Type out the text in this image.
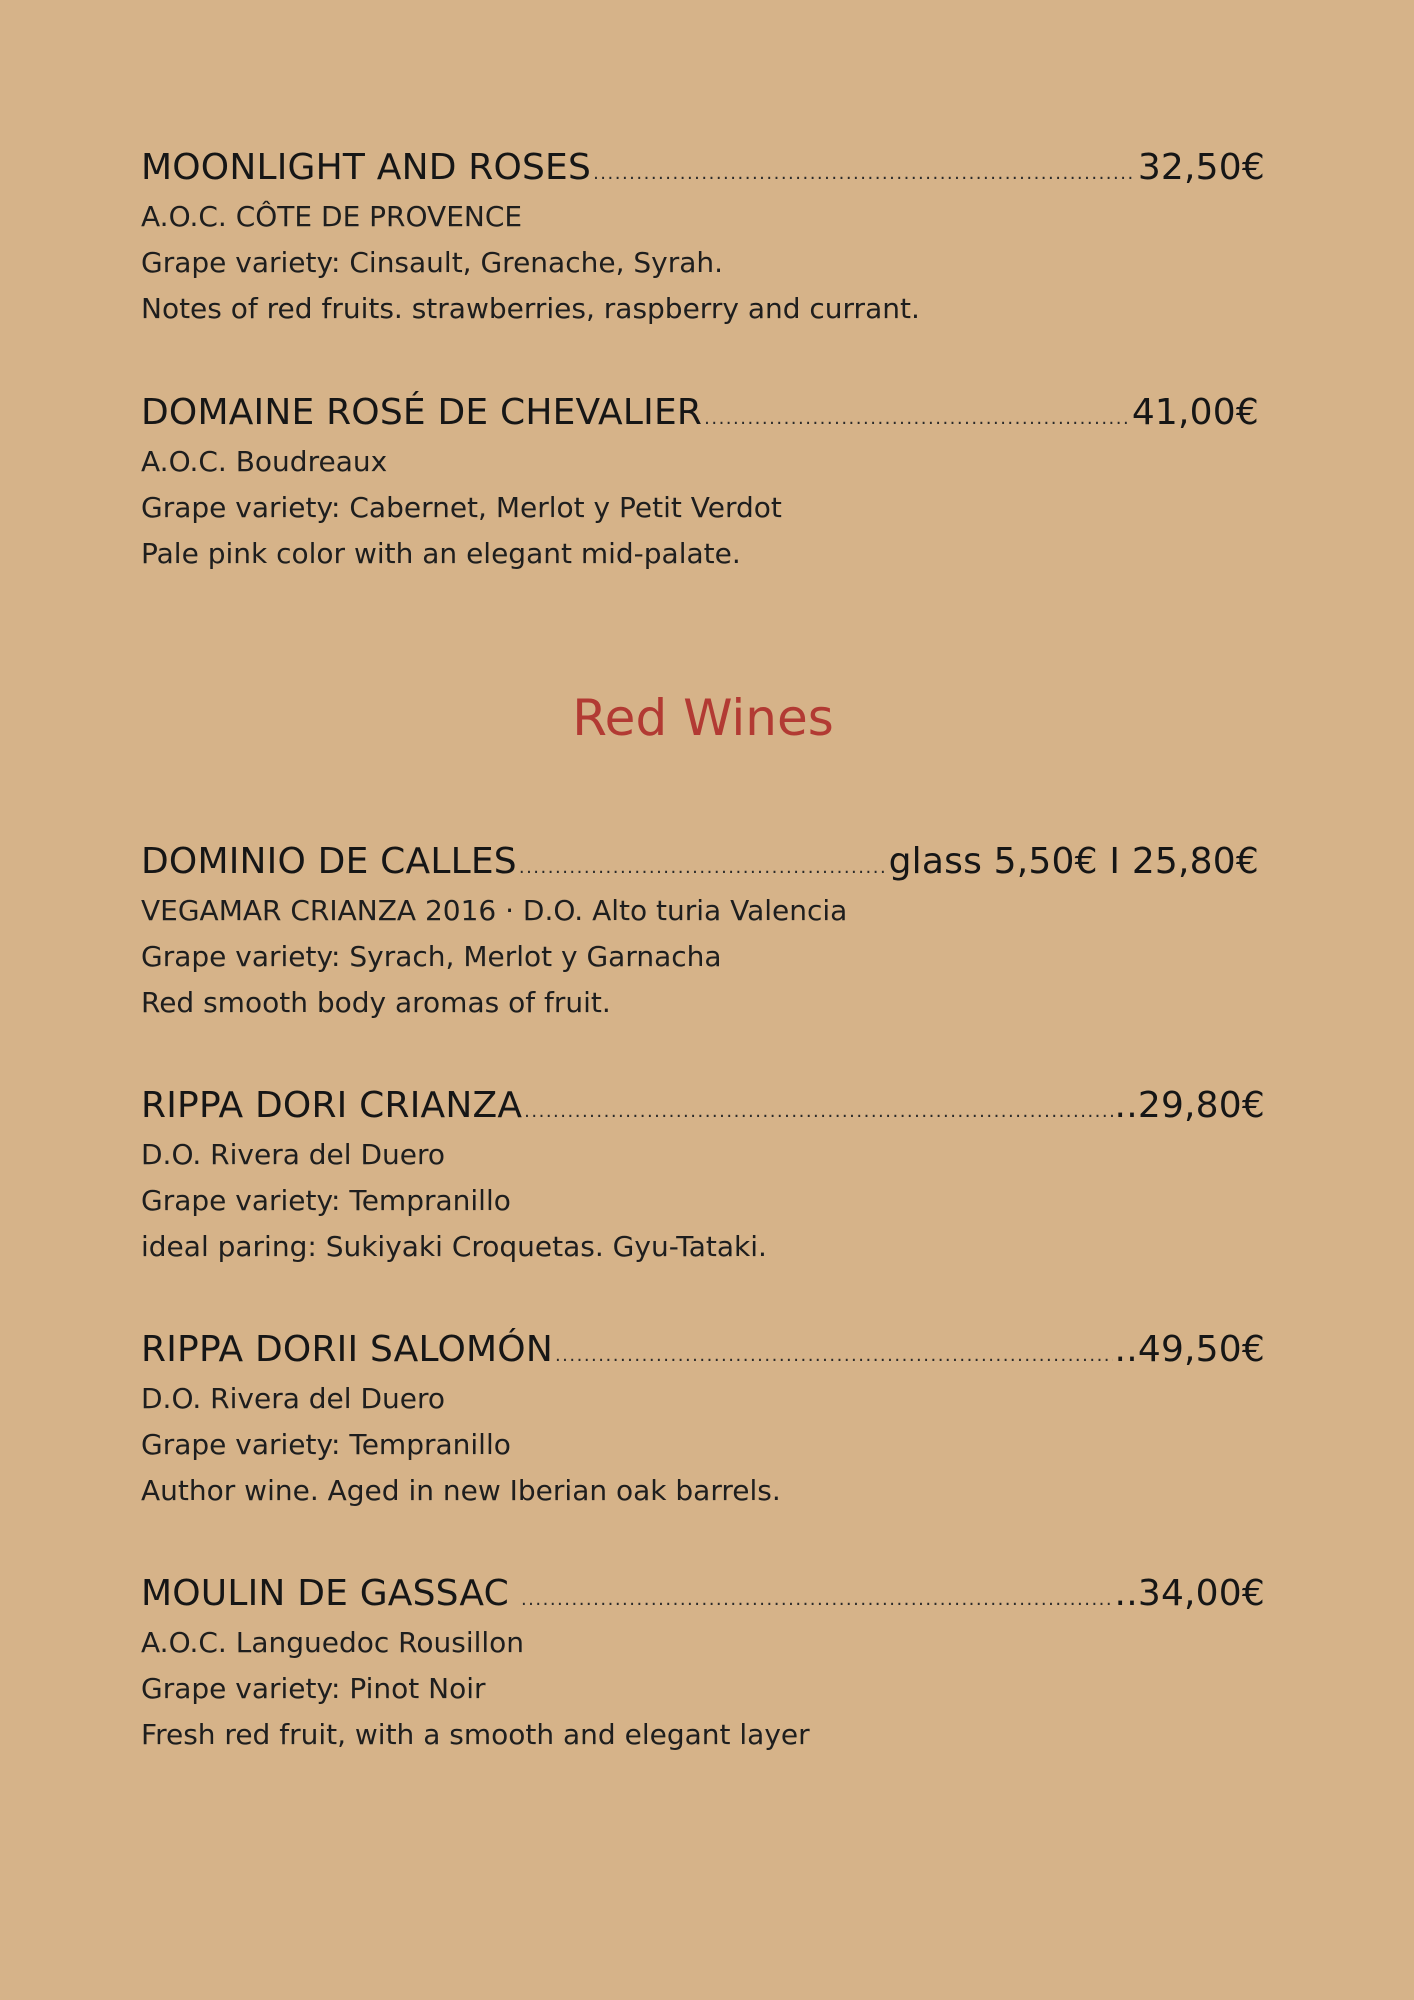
MOONLIGHT AND ROSES .....	32,50€
A.O.C. CÔTE DE PROVENCE
Grape variety: Cinsault, Grenache, Syrah.
Notes of red fruits. strawberries, raspberry and currant.
DOMAINE ROSÉ DE CHEVALIER .....	41,00€
A.O.C. Boudreaux
Grape variety: Cabernet, Merlot y Petit Verdot
Pale pink color with an elegant mid-palate.
Red Wines
DOMINIO DE CALLES .....	glass 5,50€ I 25,80€
VEGAMAR CRIANZA 2016 · D.O. Alto turia Valencia
Grape variety: Syrach, Merlot y Garnacha
Red smooth body aromas of fruit.
RIPPA DORI CRIANZA .....	..29,80€
D.O. Rivera del Duero
Grape variety: Tempranillo
ideal paring: Sukiyaki Croquetas. Gyu-Tataki.
RIPPA DORII SALOMÓN .....	..49,50€
D.O. Rivera del Duero
Grape variety: Tempranillo
Author wine. Aged in new Iberian oak barrels.
MOULIN DE GASSAC .....	..34,00€
A.O.C. Languedoc Rousillon
Grape variety: Pinot Noir
Fresh red fruit, with a smooth and elegant layer
